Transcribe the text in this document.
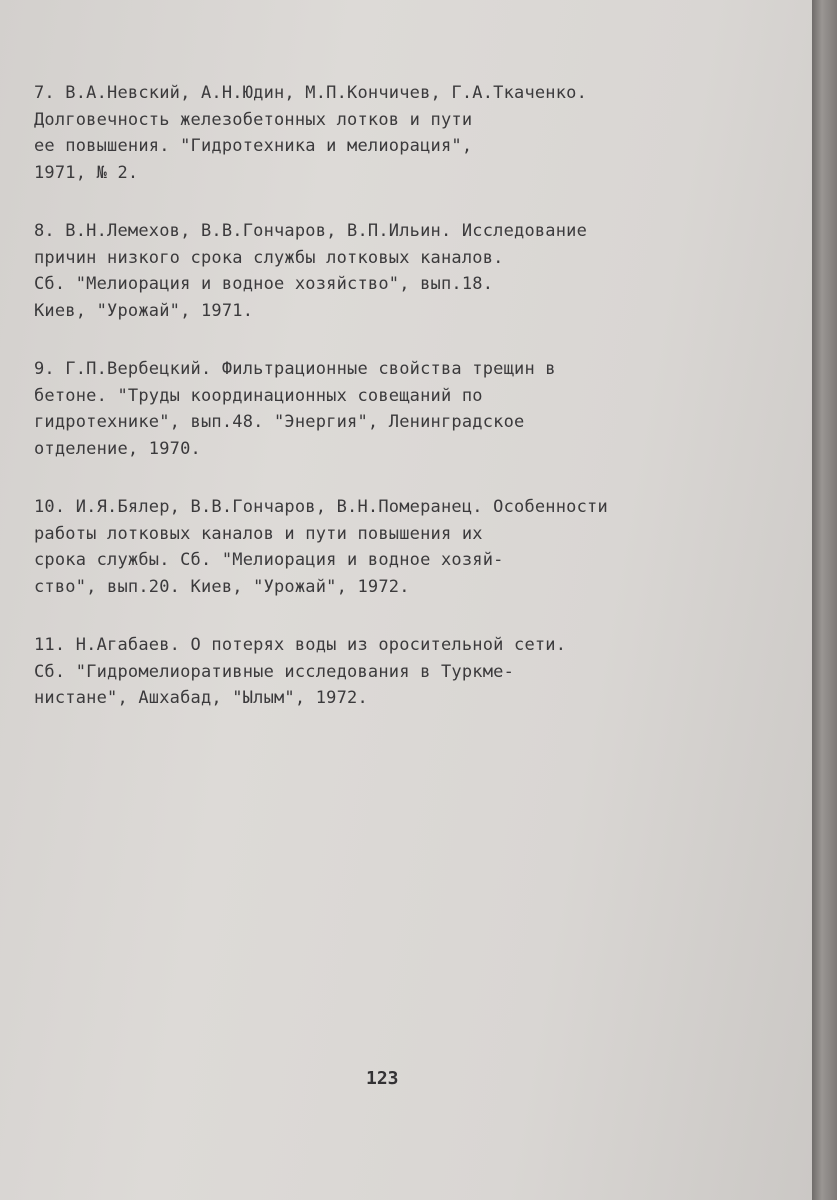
7. В.А.Невский, А.Н.Юдин, М.П.Кончичев, Г.А.Ткаченко.
Долговечность железобетонных лотков и пути
ее повышения. "Гидротехника и мелиорация",
1971, № 2.
8. В.Н.Лемехов, В.В.Гончаров, В.П.Ильин. Исследование
причин низкого срока службы лотковых каналов.
Сб. "Мелиорация и водное хозяйство", вып.18.
Киев, "Урожай", 1971.
9. Г.П.Вербецкий. Фильтрационные свойства трещин в
бетоне. "Труды координационных совещаний по
гидротехнике", вып.48. "Энергия", Ленинградское
отделение, 1970.
10. И.Я.Бялер, В.В.Гончаров, В.Н.Померанец. Особенности
работы лотковых каналов и пути повышения их
срока службы. Сб. "Мелиорация и водное хозяй-
ство", вып.20. Киев, "Урожай", 1972.
11. Н.Агабаев. О потерях воды из оросительной сети.
Сб. "Гидромелиоративные исследования в Туркме-
нистане", Ашхабад, "Ылым", 1972.
123
